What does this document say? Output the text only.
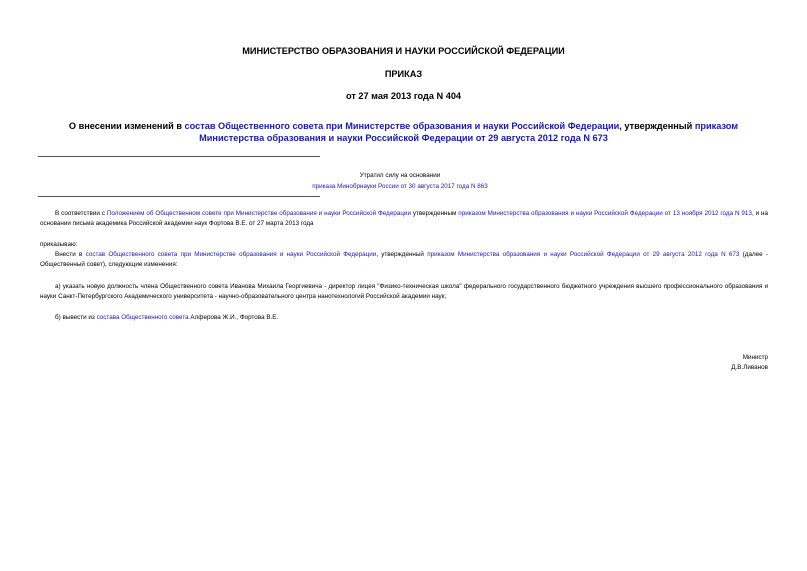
МИНИСТЕРСТВО ОБРАЗОВАНИЯ И НАУКИ РОССИЙСКОЙ ФЕДЕРАЦИИ
ПРИКАЗ
от 27 мая 2013 года N 404
О внесении изменений в состав Общественного совета при Министерстве образования и науки Российской Федерации, утвержденный приказом Министерства образования и науки Российской Федерации от 29 августа 2012 года N 673
Утратил силу на основании
приказа Минобрнауки России от 30 августа 2017 года N 863
В соответствии с Положением об Общественном совете при Министерстве образования и науки Российской Федерации утвержденным приказом Министерства образования и науки Российской Федерации от 13 ноября 2012 года N 913, и на основании письма академика Российской академии наук Фортова В.Е. от 27 марта 2013 года
приказываю:
Внести в состав Общественного совета при Министерстве образования и науки Российской Федерации, утвержденный приказом Министерства образования и науки Российской Федерации от 29 августа 2012 года N 673 (далее - Общественный совет), следующие изменения:
а) указать новую должность члена Общественного совета Иванова Михаила Георгиевича - директор лицея "Физико-техническая школа" федерального государственного бюджетного учреждения высшего профессионального образования и науки Санкт-Петербургского Академического университета - научно-образовательного центра нанотехнологий Российской академии наук;
б) вывести из состава Общественного совета Алферова Ж.И., Фортова В.Е.
Министр
Д.В.Ливанов
